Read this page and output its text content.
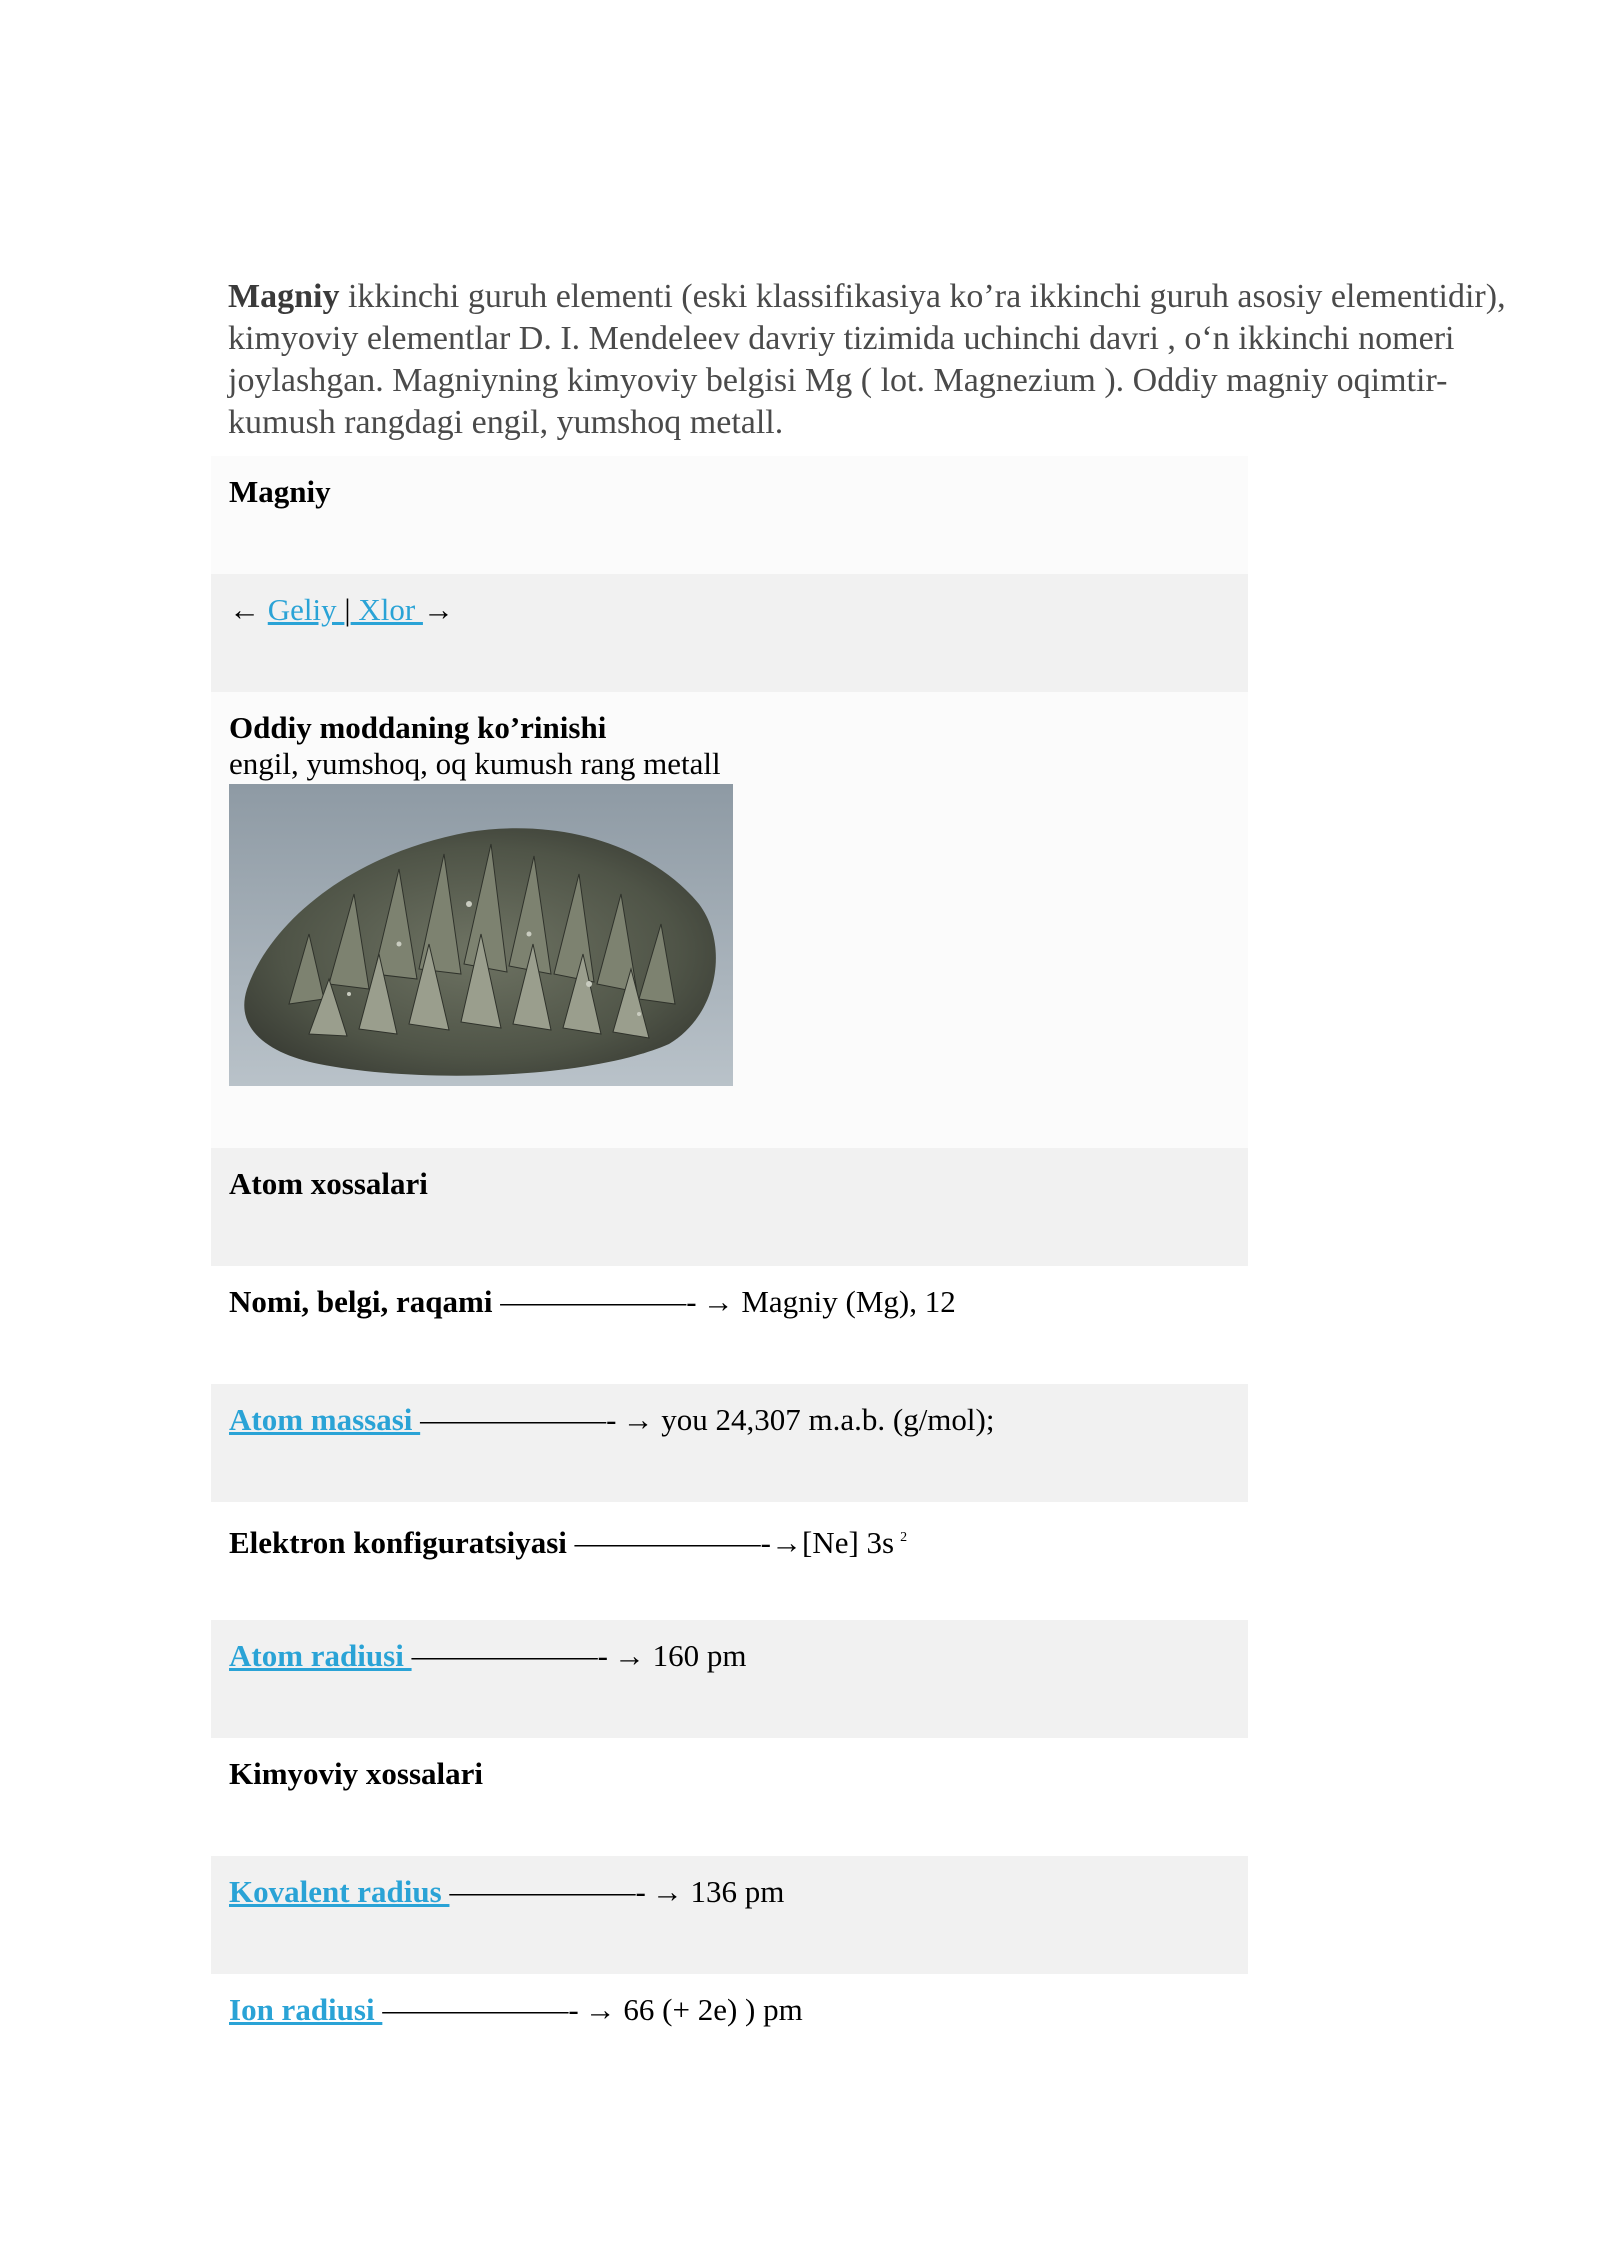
Magniy ikkinchi guruh elementi (eski klassifikasiya ko’ra ikkinchi guruh asosiy elementidir), kimyoviy elementlar D. I. Mendeleev davriy tizimida uchinchi davri , o‘n ikkinchi nomeri joylashgan. Magniyning kimyoviy belgisi Mg ( lot. Magnezium ). Oddiy magniy oqimtir-kumush rangdagi engil, yumshoq metall.

Magniy
← Geliy | Xlor →
Oddiy moddaning ko’rinishi
engil, yumshoq, oq kumush rang metall
Atom xossalari
Nomi, belgi, raqami ——————- → Magniy (Mg), 12
Atom massasi ——————- → you 24,307 m.a.b. (g/mol);
Elektron konfiguratsiyasi ——————-→[Ne] 3s $^2$
Atom radiusi ——————- → 160 pm
Kimyoviy xossalari
Kovalent radius ——————- → 136 pm
Ion radiusi ——————- → 66 (+ 2e) ) pm
